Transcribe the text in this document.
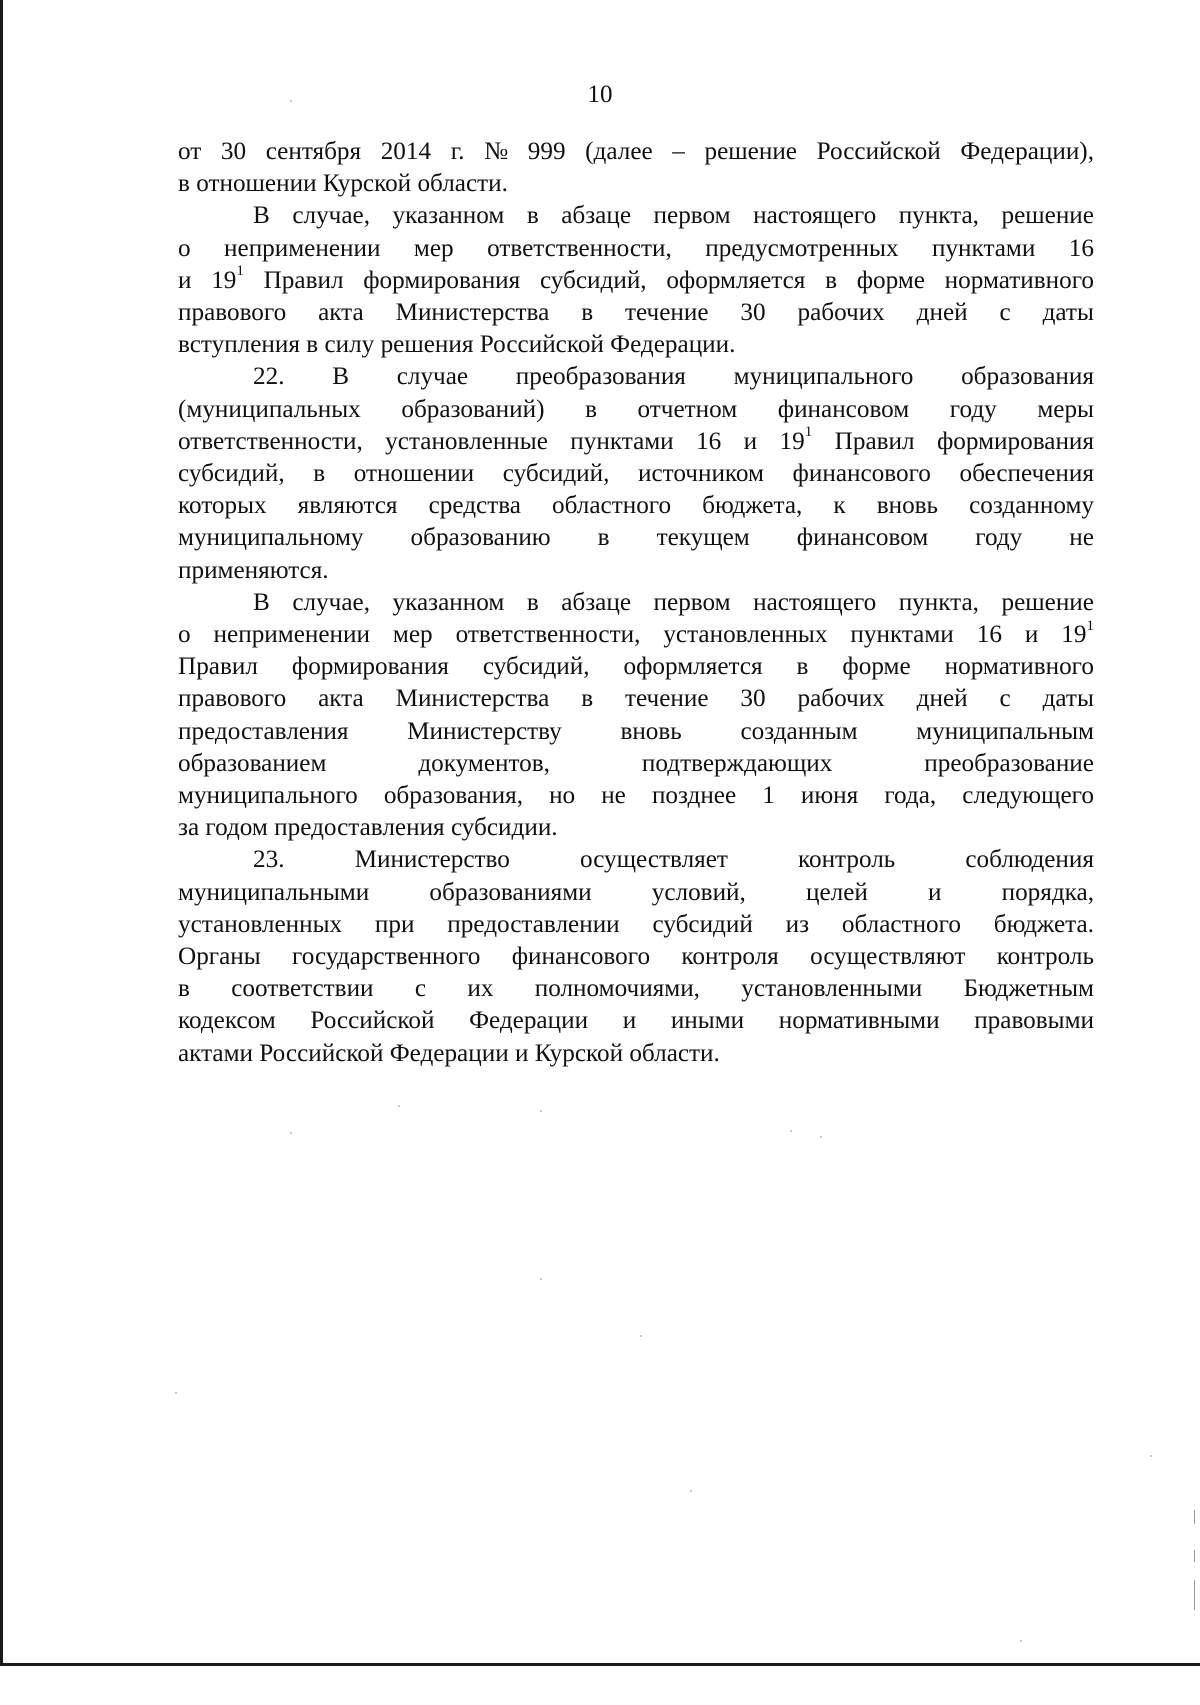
10
от 30 сентября 2014 г. № 999 (далее – решение Российской Федерации),
в отношении Курской области.
В случае, указанном в абзаце первом настоящего пункта, решение
о неприменении мер ответственности, предусмотренных пунктами 16
и $19^1$ Правил формирования субсидий, оформляется в форме нормативного
правового акта Министерства в течение 30 рабочих дней с даты
вступления в силу решения Российской Федерации.
22. В случае преобразования муниципального образования
(муниципальных образований) в отчетном финансовом году меры
ответственности, установленные пунктами 16 и $19^1$ Правил формирования
субсидий, в отношении субсидий, источником финансового обеспечения
которых являются средства областного бюджета, к вновь созданному
муниципальному образованию в текущем финансовом году не
применяются.
В случае, указанном в абзаце первом настоящего пункта, решение
о неприменении мер ответственности, установленных пунктами 16 и $19^1$
Правил формирования субсидий, оформляется в форме нормативного
правового акта Министерства в течение 30 рабочих дней с даты
предоставления Министерству вновь созданным муниципальным
образованием	документов,	подтверждающих	преобразование
муниципального образования, но не позднее 1 июня года, следующего
за годом предоставления субсидии.
23.	Министерство	осуществляет	контроль	соблюдения
муниципальными образованиями условий, целей и порядка,
установленных при предоставлении субсидий из областного бюджета.
Органы государственного финансового контроля осуществляют контроль
в соответствии с их полномочиями, установленными Бюджетным
кодексом Российской Федерации и иными нормативными правовыми
актами Российской Федерации и Курской области.
